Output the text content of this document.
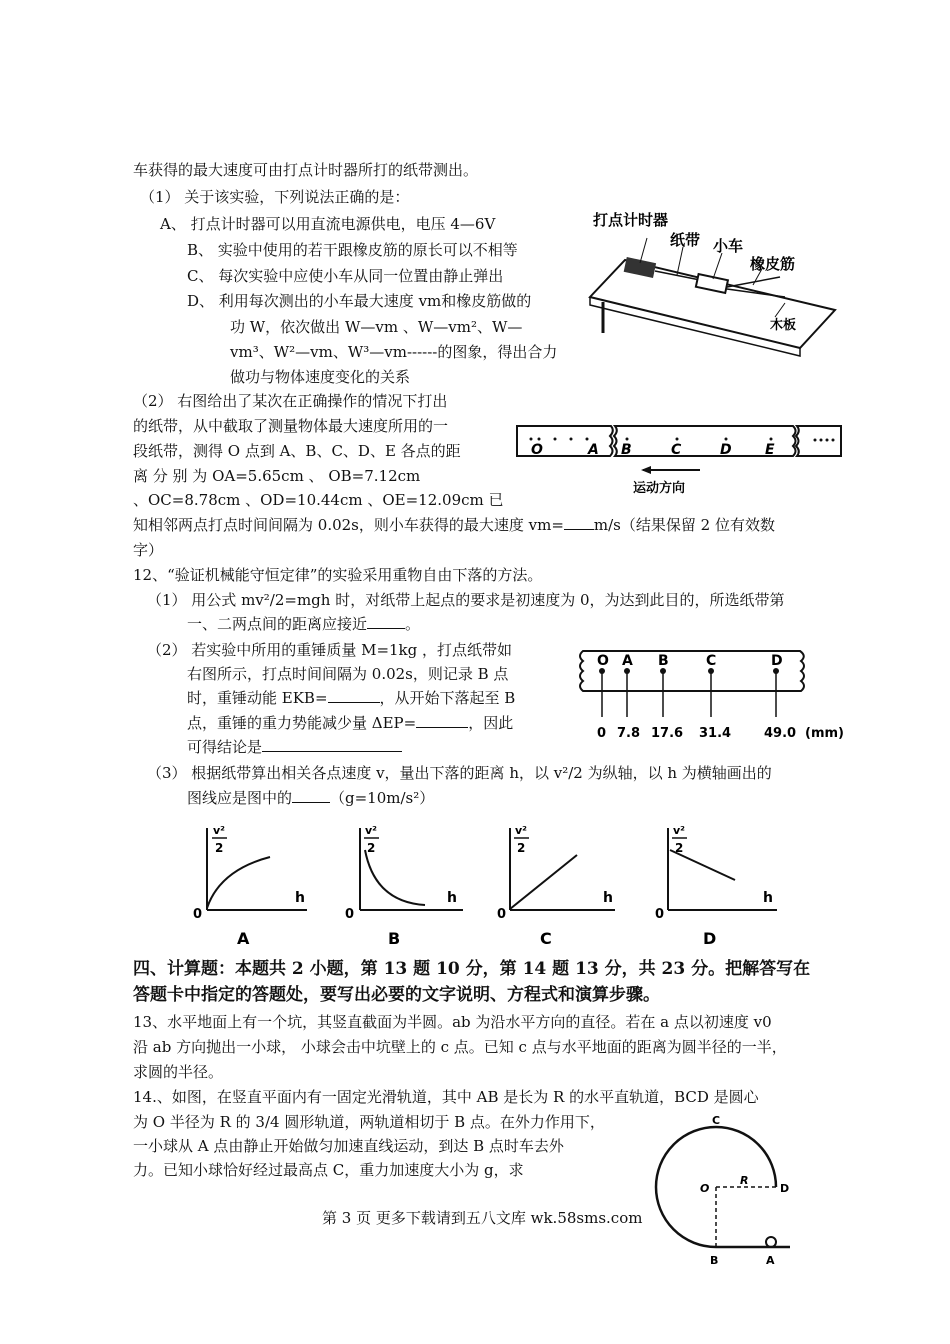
车获得的最大速度可由打点计时器所打的纸带测出。
（1） 关于该实验，下列说法正确的是：
A、 打点计时器可以用直流电源供电，电压 4—6V
B、 实验中使用的若干跟橡皮筋的原长可以不相等
C、 每次实验中应使小车从同一位置由静止弹出
D、 利用每次测出的小车最大速度 vm和橡皮筋做的
功 W，依次做出 W—vm 、W—vm²、W—
vm³、W²—vm、W³—vm------的图象，得出合力
做功与物体速度变化的关系
（2） 右图给出了某次在正确操作的情况下打出
的纸带，从中截取了测量物体最大速度所用的一
段纸带，测得 O 点到 A、B、C、D、E 各点的距
离 分 别 为 OA=5.65cm 、 OB=7.12cm
、OC=8.78cm 、OD=10.44cm 、OE=12.09cm 已
知相邻两点打点时间间隔为 0.02s，则小车获得的最大速度 vm= m/s（结果保留 2 位有效数
字）
12、“验证机械能守恒定律”的实验采用重物自由下落的方法。
（1） 用公式 mv²/2=mgh 时，对纸带上起点的要求是初速度为 0，为达到此目的，所选纸带第
一、二两点间的距离应接近	。
（2） 若实验中所用的重锤质量 M=1kg ，打点纸带如
右图所示，打点时间间隔为 0.02s，则记录 B 点
时，重锤动能 EKB=	，从开始下落起至 B
点，重锤的重力势能减少量 ΔEP=	，因此
可得结论是
（3） 根据纸带算出相关各点速度 v，量出下落的距离 h，以 v²/2 为纵轴，以 h 为横轴画出的
图线应是图中的	（g=10m/s²）
四、计算题：本题共 2 小题，第 13 题 10 分，第 14 题 13 分，共 23 分。把解答写在
答题卡中指定的答题处，要写出必要的文字说明、方程式和演算步骤。
13、水平地面上有一个坑，其竖直截面为半圆。ab 为沿水平方向的直径。若在 a 点以初速度 v0
沿 ab 方向抛出一小球， 小球会击中坑壁上的 c 点。已知 c 点与水平地面的距离为圆半径的一半，
求圆的半径。
14.、如图，在竖直平面内有一固定光滑轨道，其中 AB 是长为 R 的水平直轨道，BCD 是圆心
为 O 半径为 R 的 3/4 圆形轨道，两轨道相切于 B 点。在外力作用下，
一小球从 A 点由静止开始做匀加速直线运动，到达 B 点时车去外
力。已知小球恰好经过最高点 C，重力加速度大小为 g，求
第 3 页 更多下载请到五八文库 wk.58sms.com
打点计时器
纸带 小车
橡皮筋
木板
O	A B	C	D E
运动方向
O A B	C	D
0 7.8 17.6 31.4	49.0 (mm)
v²
2
h
0
A
v²
2
h
0
B
v²
2
h
0
C
v²
2
h
0
D
C
O
R
D
B	A
